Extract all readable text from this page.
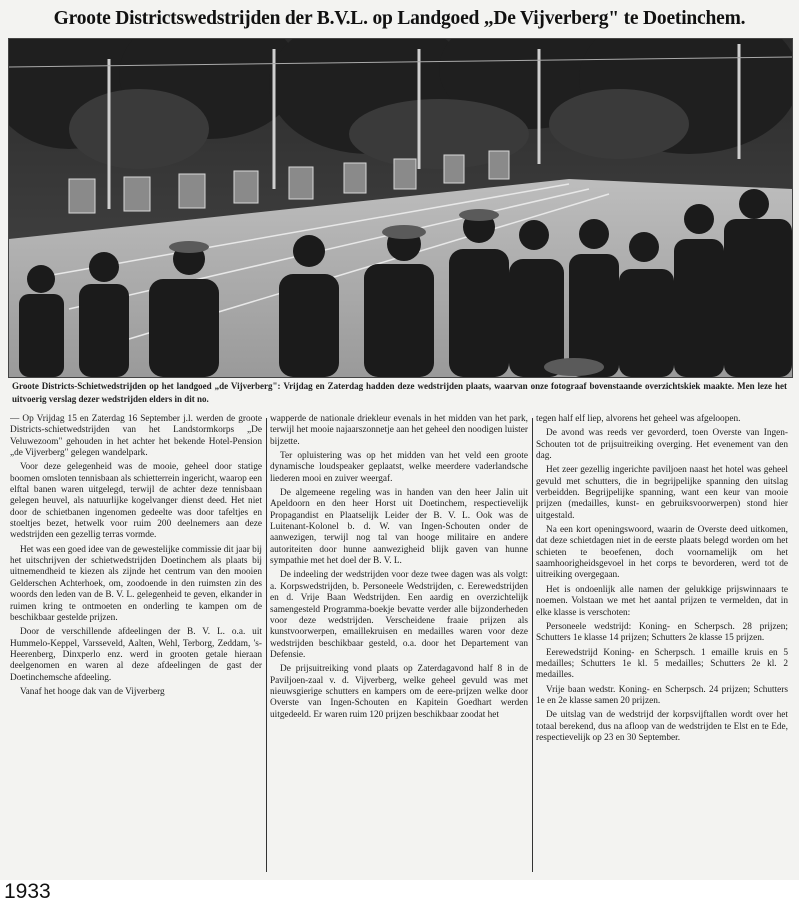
Groote Districtswedstrijden der B.V.L. op Landgoed „De Vijverberg" te Doetinchem.
Groote Districts-Schietwedstrijden op het landgoed „de Vijverberg": Vrijdag en Zaterdag hadden deze wedstrijden plaats, waarvan onze fotograaf bovenstaande overzichtskiek maakte. Men leze het uitvoerig verslag dezer wedstrijden elders in dit no.

— Op Vrijdag 15 en Zaterdag 16 September j.l. werden de groote Districts-schietwedstrijden van het Landstormkorps „De Veluwezoom" gehouden in het achter het bekende Hotel-Pension „de Vijverberg" gelegen wandelpark.

Voor deze gelegenheid was de mooie, geheel door statige boomen omsloten tennisbaan als schietterrein ingericht, waarop een elftal banen waren uitgelegd, terwijl de achter deze tennisbaan gelegen heuvel, als natuurlijke kogelvanger dienst deed. Het niet door de schietbanen ingenomen gedeelte was door tafeltjes en stoeltjes bezet, hetwelk voor ruim 200 deelnemers aan deze wedstrijden een gezellig terras vormde.

Het was een goed idee van de gewestelijke commissie dit jaar bij het uitschrijven der schietwedstrijden Doetinchem als plaats bij uitnemendheid te kiezen als zijnde het centrum van den mooien Gelderschen Achterhoek, om, zoodoende in den ruimsten zin des woords den leden van de B. V. L. gelegenheid te geven, elkander in ruimen kring te ontmoeten en onderling te kampen om de beschikbaar gestelde prijzen.

Door de verschillende afdeelingen der B. V. L. o.a. uit Hummelo-Keppel, Varsseveld, Aalten, Wehl, Terborg, Zeddam, 's-Heerenberg, Dinxperlo enz. werd in grooten getale hieraan deelgenomen en waren al deze afdeelingen de gast der Doetinchemsche afdeeling.

Vanaf het hooge dak van de Vijverberg

wapperde de nationale driekleur evenals in het midden van het park, terwijl het mooie najaarszonnetje aan het geheel den noodigen luister bijzette.

Ter opluistering was op het midden van het veld een groote dynamische loudspeaker geplaatst, welke meerdere vaderlandsche liederen mooi en zuiver weergaf.

De algemeene regeling was in handen van den heer Jalin uit Apeldoorn en den heer Horst uit Doetinchem, respectievelijk Propagandist en Plaatselijk Leider der B. V. L. Ook was de Luitenant-Kolonel b. d. W. van Ingen-Schouten onder de aanwezigen, terwijl nog tal van hooge militaire en andere autoriteiten door hunne aanwezigheid blijk gaven van hunne sympathie met het doel der B. V. L.

De indeeling der wedstrijden voor deze twee dagen was als volgt: a. Korpswedstrijden, b. Personeele Wedstrijden, c. Eerewedstrijden en d. Vrije Baan Wedstrijden. Een aardig en overzichtelijk samengesteld Programma-boekje bevatte verder alle bijzonderheden voor deze wedstrijden. Verscheidene fraaie prijzen als kunstvoorwerpen, emaillekruisen en medailles waren voor deze wedstrijden beschikbaar gesteld, o.a. door het Departement van Defensie.

De prijsuitreiking vond plaats op Zaterdagavond half 8 in de Paviljoen-zaal v. d. Vijverberg, welke geheel gevuld was met nieuwsgierige schutters en kampers om de eere-prijzen welke door Overste van Ingen-Schouten en Kapitein Goedhart werden uitgedeeld. Er waren ruim 120 prijzen beschikbaar zoodat het

tegen half elf liep, alvorens het geheel was afgeloopen.

De avond was reeds ver gevorderd, toen Overste van Ingen-Schouten tot de prijsuitreiking overging. Het evenement van den dag.

Het zeer gezellig ingerichte paviljoen naast het hotel was geheel gevuld met schutters, die in begrijpelijke spanning den uitslag verbeidden. Begrijpelijke spanning, want een keur van mooie prijzen (medailles, kunst- en gebruiksvoorwerpen) stond hier uitgestald.

Na een kort openingswoord, waarin de Overste deed uitkomen, dat deze schietdagen niet in de eerste plaats belegd worden om het schieten te beoefenen, doch voornamelijk om het saamhoorigheidsgevoel in het corps te bevorderen, werd tot de uitreiking overgegaan.

Het is ondoenlijk alle namen der gelukkige prijswinnaars te noemen. Volstaan we met het aantal prijzen te vermelden, dat in elke klasse is verschoten:

Personeele wedstrijd: Koning- en Scherpsch. 28 prijzen; Schutters 1e klasse 14 prijzen; Schutters 2e klasse 15 prijzen.

Eerewedstrijd Koning- en Scherpsch. 1 emaille kruis en 5 medailles; Schutters 1e kl. 5 medailles; Schutters 2e kl. 2 medailles.

Vrije baan wedstr. Koning- en Scherpsch. 24 prijzen; Schutters 1e en 2e klasse samen 20 prijzen.

De uitslag van de wedstrijd der korpsvijftallen wordt over het totaal berekend, dus na afloop van de wedstrijden te Elst en te Ede, respectievelijk op 23 en 30 September.

1933
